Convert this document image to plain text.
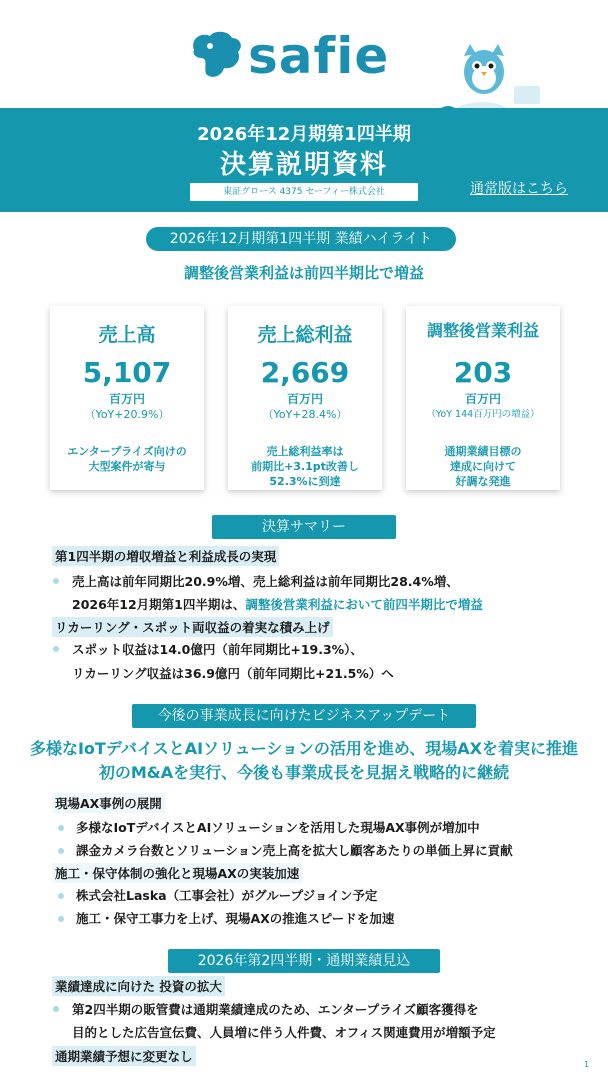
safie
2026年12月期第1四半期
決算説明資料
東証グロース 4375 セーフィー株式会社	通常版はこちら
2026年12月期第1四半期 業績ハイライト
調整後営業利益は前四半期比で増益
売上高
5,107
百万円
（YoY+20.9%）
エンタープライズ向けの
大型案件が寄与
売上総利益
2,669
百万円
（YoY+28.4%）
売上総利益率は
前期比+3.1pt改善し
52.3%に到達
調整後営業利益
203
百万円
（YoY 144百万円の増益）
通期業績目標の
達成に向けて
好調な発進
決算サマリー
第1四半期の増収増益と利益成長の実現
売上高は前年同期比20.9%増、売上総利益は前年同期比28.4%増、
2026年12月期第1四半期は、調整後営業利益において前四半期比で増益
リカーリング・スポット両収益の着実な積み上げ
スポット収益は14.0億円（前年同期比+19.3%）、
リカーリング収益は36.9億円（前年同期比+21.5%）へ
今後の事業成長に向けたビジネスアップデート
多様なIoTデバイスとAIソリューションの活用を進め、現場AXを着実に推進
初のM&Aを実行、今後も事業成長を見据え戦略的に継続
現場AX事例の展開
多様なIoTデバイスとAIソリューションを活用した現場AX事例が増加中
課金カメラ台数とソリューション売上高を拡大し顧客あたりの単価上昇に貢献
施工・保守体制の強化と現場AXの実装加速
株式会社Laska（工事会社）がグループジョイン予定
施工・保守工事力を上げ、現場AXの推進スピードを加速
2026年第2四半期・通期業績見込
業績達成に向けた 投資の拡大
第2四半期の販管費は通期業績達成のため、エンタープライズ顧客獲得を
目的とした広告宣伝費、人員増に伴う人件費、オフィス関連費用が増額予定
通期業績予想に変更なし
1
